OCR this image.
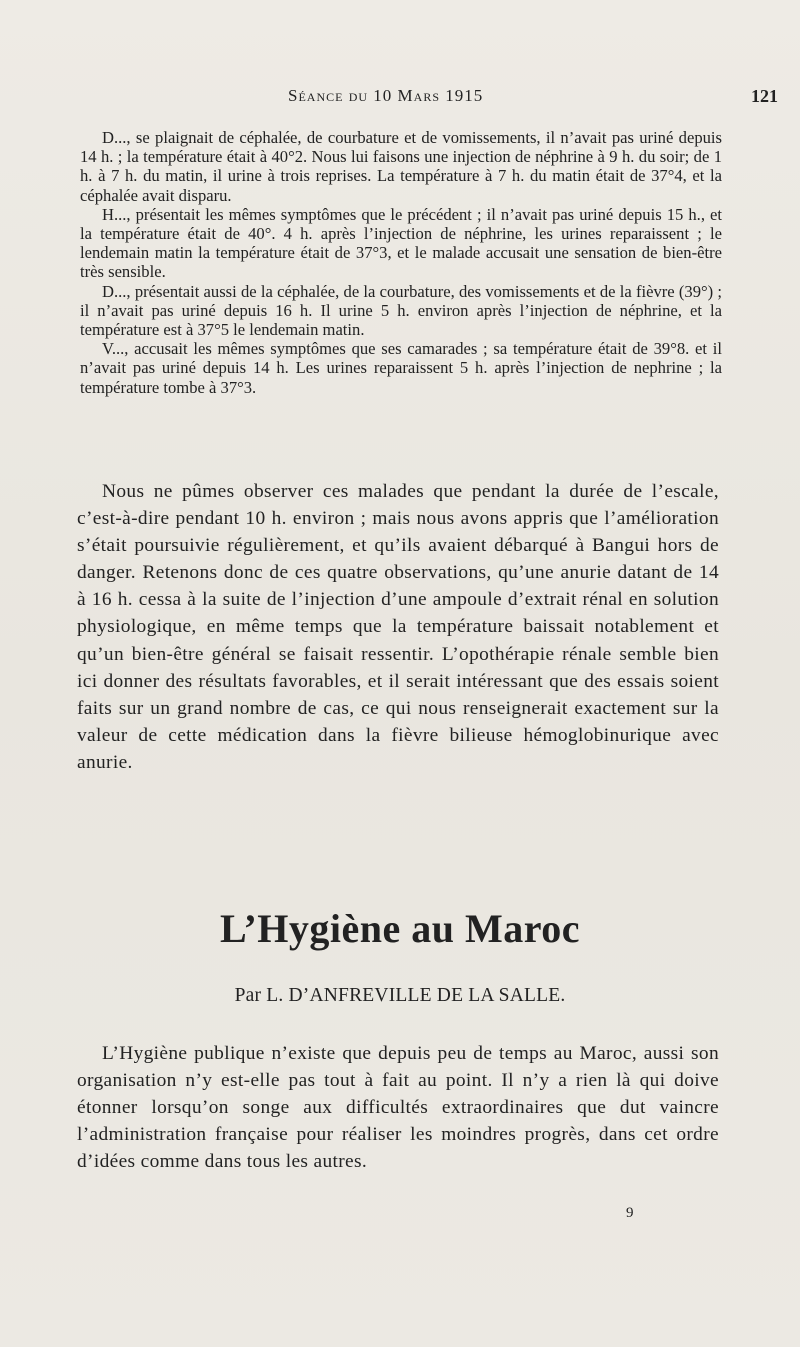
Séance du 10 Mars 1915	121

D..., se plaignait de céphalée, de courbature et de vomissements, il n’avait pas uriné depuis 14 h. ; la température était à 40°2. Nous lui faisons une injection de néphrine à 9 h. du soir; de 1 h. à 7 h. du matin, il urine à trois reprises. La température à 7 h. du matin était de 37°4, et la céphalée avait disparu.

H..., présentait les mêmes symptômes que le précédent ; il n’avait pas uriné depuis 15 h., et la température était de 40°. 4 h. après l’injection de néphrine, les urines reparaissent ; le lendemain matin la température était de 37°3, et le malade accusait une sensation de bien-être très sensible.

D..., présentait aussi de la céphalée, de la courbature, des vomissements et de la fièvre (39°) ; il n’avait pas uriné depuis 16 h. Il urine 5 h. environ après l’injection de néphrine, et la température est à 37°5 le lendemain matin.

V..., accusait les mêmes symptômes que ses camarades ; sa température était de 39°8. et il n’avait pas uriné depuis 14 h. Les urines reparaissent 5 h. après l’injection de nephrine ; la température tombe à 37°3.

Nous ne pûmes observer ces malades que pendant la durée de l’escale, c’est-à-dire pendant 10 h. environ ; mais nous avons appris que l’amélioration s’était poursuivie régulièrement, et qu’ils avaient débarqué à Bangui hors de danger. Retenons donc de ces quatre observations, qu’une anurie datant de 14 à 16 h. cessa à la suite de l’injection d’une ampoule d’extrait rénal en solution physiologique, en même temps que la température baissait notablement et qu’un bien-être général se faisait ressentir. L’opothérapie rénale semble bien ici donner des résultats favorables, et il serait intéressant que des essais soient faits sur un grand nombre de cas, ce qui nous renseignerait exactement sur la valeur de cette médication dans la fièvre bilieuse hémoglobinurique avec anurie.

L’Hygiène au Maroc
Par L. D’ANFREVILLE DE LA SALLE.

L’Hygiène publique n’existe que depuis peu de temps au Maroc, aussi son organisation n’y est-elle pas tout à fait au point. Il n’y a rien là qui doive étonner lorsqu’on songe aux difficultés extraordinaires que dut vaincre l’administration française pour réaliser les moindres progrès, dans cet ordre d’idées comme dans tous les autres.

9
